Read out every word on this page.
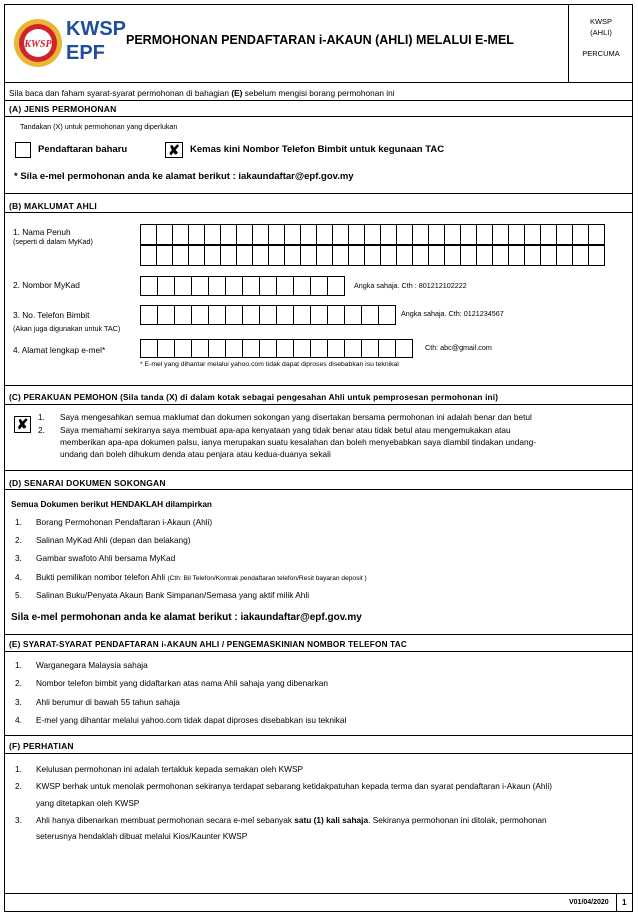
KWSP
KWSP
EPF
PERMOHONAN PENDAFTARAN i-AKAUN (AHLI) MELALUI E-MEL
KWSP
(AHLI)
PERCUMA
Sila baca dan faham syarat-syarat permohonan di bahagian (E) sebelum mengisi borang permohonan ini
(A) JENIS PERMOHONAN
Tandakan (X) untuk permohonan yang diperlukan
Pendaftaran baharu	✘	Kemas kini Nombor Telefon Bimbit untuk kegunaan TAC
* Sila e-mel permohonan anda ke alamat berikut : iakaundaftar@epf.gov.my
(B) MAKLUMAT AHLI
1. Nama Penuh
(seperti di dalam MyKad)
2. Nombor MyKad	Angka sahaja. Cth : 801212102222
3. No. Telefon Bimbit	Angka sahaja. Cth: 0121234567
(Akan juga digunakan untuk TAC)
4. Alamat lengkap e-mel*	Cth: abc@gmail.com
* E-mel yang dihantar melalui yahoo.com tidak dapat diproses disebabkan isu teknikal
(C) PERAKUAN PEMOHON (Sila tanda (X) di dalam kotak sebagai pengesahan Ahli untuk pemprosesan permohonan ini)
✘	1. Saya mengesahkan semua maklumat dan dokumen sokongan yang disertakan bersama permohonan ini adalah benar dan betul
2. Saya memahami sekiranya saya membuat apa-apa kenyataan yang tidak benar atau tidak betul atau mengemukakan atau
memberikan apa-apa dokumen palsu, ianya merupakan suatu kesalahan dan boleh menyebabkan saya diambil tindakan undang-
undang dan boleh dihukum denda atau penjara atau kedua-duanya sekali
(D) SENARAI DOKUMEN SOKONGAN
Semua Dokumen berikut HENDAKLAH dilampirkan
1. Borang Permohonan Pendaftaran i-Akaun (Ahli)
2. Salinan MyKad Ahli (depan dan belakang)
3. Gambar swafoto Ahli bersama MyKad
4. Bukti pemilikan nombor telefon Ahli (Cth: Bil Telefon/Kontrak pendaftaran telefon/Resit bayaran deposit )
5. Salinan Buku/Penyata Akaun Bank Simpanan/Semasa yang aktif milik Ahli
Sila e-mel permohonan anda ke alamat berikut : iakaundaftar@epf.gov.my
(E) SYARAT-SYARAT PENDAFTARAN i-AKAUN AHLI / PENGEMASKINIAN NOMBOR TELEFON TAC
1. Warganegara Malaysia sahaja
2. Nombor telefon bimbit yang didaftarkan atas nama Ahli sahaja yang dibenarkan
3. Ahli berumur di bawah 55 tahun sahaja
4. E-mel yang dihantar melalui yahoo.com tidak dapat diproses disebabkan isu teknikal
(F) PERHATIAN
1. Kelulusan permohonan ini adalah tertakluk kepada semakan oleh KWSP
2. KWSP berhak untuk menolak permohonan sekiranya terdapat sebarang ketidakpatuhan kepada terma dan syarat pendaftaran i-Akaun (Ahli)
yang ditetapkan oleh KWSP
3. Ahli hanya dibenarkan membuat permohonan secara e-mel sebanyak satu (1) kali sahaja. Sekiranya permohonan ini ditolak, permohonan
seterusnya hendaklah dibuat melalui Kios/Kaunter KWSP
V01/04/2020 1
